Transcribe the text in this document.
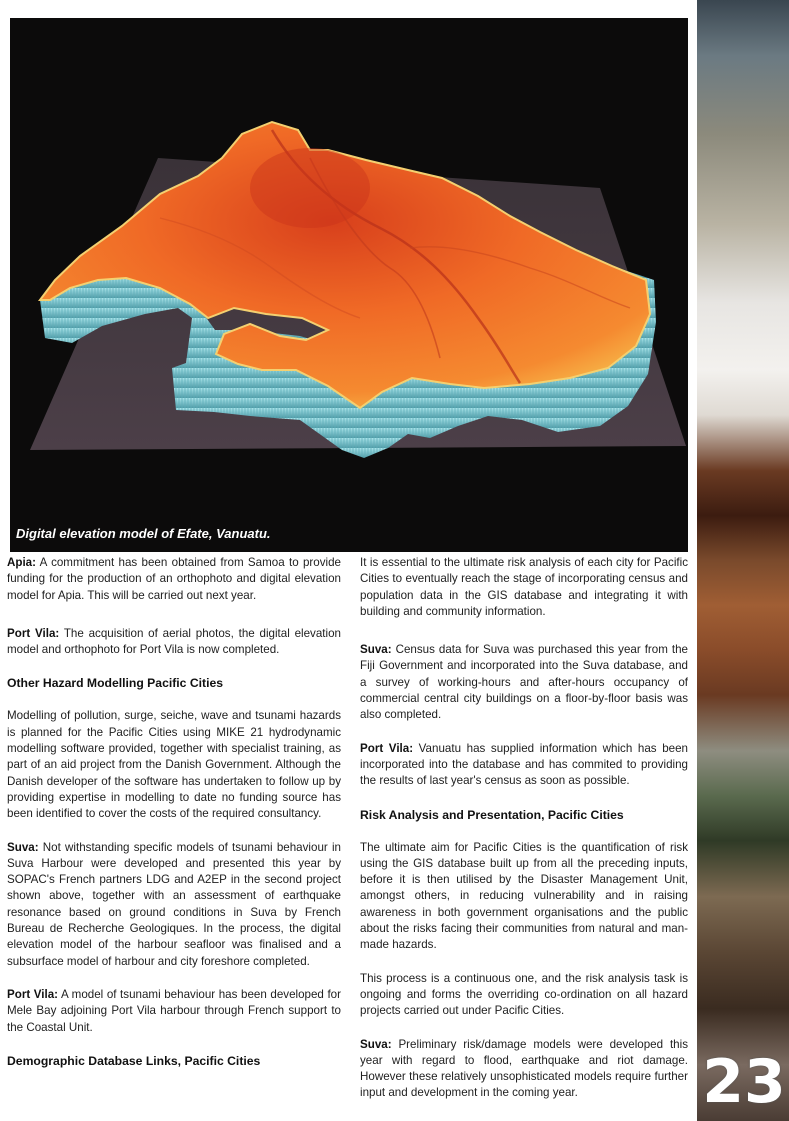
Digital elevation model of Efate, Vanuatu.
23

Apia: A commitment has been obtained from Samoa to provide funding for the production of an orthophoto and digital elevation model for Apia. This will be carried out next year.

Port Vila: The acquisition of aerial photos, the digital elevation model and orthophoto for Port Vila is now completed.

Other Hazard Modelling Pacific Cities

Modelling of pollution, surge, seiche, wave and tsunami hazards is planned for the Pacific Cities using MIKE 21 hydrodynamic modelling software provided, together with specialist training, as part of an aid project from the Danish Government. Although the Danish developer of the software has undertaken to follow up by providing expertise in modelling to date no funding source has been identified to cover the costs of the required consultancy.

Suva: Not withstanding specific models of tsunami behaviour in Suva Harbour were developed and presented this year by SOPAC's French partners LDG and A2EP in the second project shown above, together with an assessment of earthquake resonance based on ground conditions in Suva by French Bureau de Recherche Geologiques. In the process, the digital elevation model of the harbour seafloor was finalised and a subsurface model of harbour and city foreshore completed.

Port Vila: A model of tsunami behaviour has been developed for Mele Bay adjoining Port Vila harbour through French support to the Coastal Unit.

Demographic Database Links, Pacific Cities

It is essential to the ultimate risk analysis of each city for Pacific Cities to eventually reach the stage of incorporating census and population data in the GIS database and integrating it with building and community information.

Suva: Census data for Suva was purchased this year from the Fiji Government and incorporated into the Suva database, and a survey of working-hours and after-hours occupancy of commercial central city buildings on a floor-by-floor basis was also completed.

Port Vila: Vanuatu has supplied information which has been incorporated into the database and has commited to providing the results of last year's census as soon as possible.

Risk Analysis and Presentation, Pacific Cities

The ultimate aim for Pacific Cities is the quantification of risk using the GIS database built up from all the preceding inputs, before it is then utilised by the Disaster Management Unit, amongst others, in reducing vulnerability and in raising awareness in both government organisations and the public about the risks facing their communities from natural and man-made hazards.

This process is a continuous one, and the risk analysis task is ongoing and forms the overriding co-ordination on all hazard projects carried out under Pacific Cities.

Suva: Preliminary risk/damage models were developed this year with regard to flood, earthquake and riot damage. However these relatively unsophisticated models require further input and development in the coming year.
